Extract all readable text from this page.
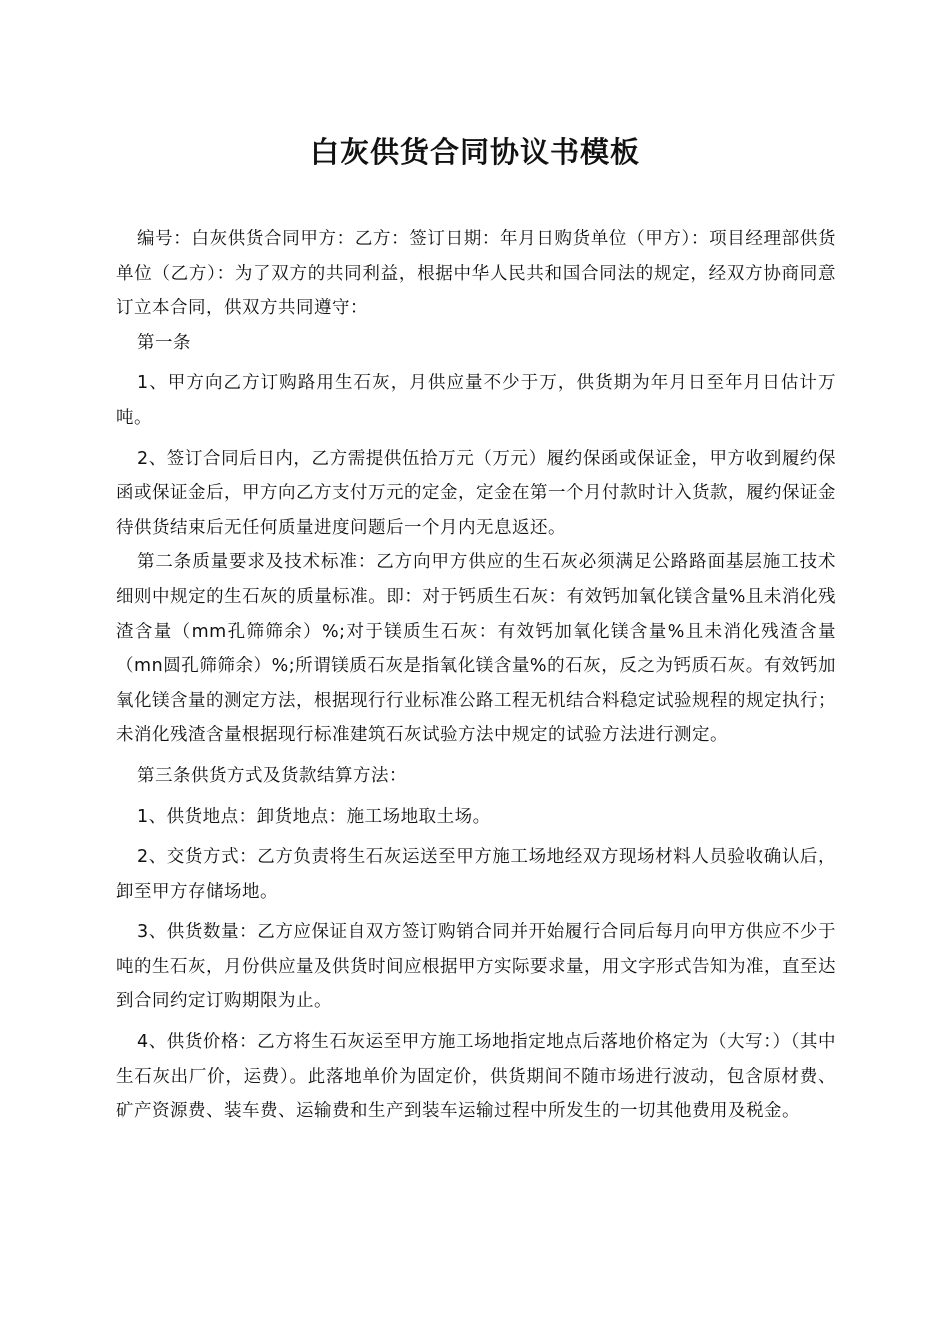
白灰供货合同协议书模板

编号：白灰供货合同甲方：乙方：签订日期：年月日购货单位（甲方）：项目经理部供货单位（乙方）：为了双方的共同利益，根据中华人民共和国合同法的规定，经双方协商同意订立本合同，供双方共同遵守：

第一条

1、甲方向乙方订购路用生石灰，月供应量不少于万，供货期为年月日至年月日估计万吨。

2、签订合同后日内，乙方需提供伍拾万元（万元）履约保函或保证金，甲方收到履约保函或保证金后，甲方向乙方支付万元的定金，定金在第一个月付款时计入货款，履约保证金待供货结束后无任何质量进度问题后一个月内无息返还。

第二条质量要求及技术标准：乙方向甲方供应的生石灰必须满足公路路面基层施工技术细则中规定的生石灰的质量标准。即：对于钙质生石灰：有效钙加氧化镁含量%且未消化残渣含量（mm孔筛筛余）%;对于镁质生石灰：有效钙加氧化镁含量%且未消化残渣含量（mn圆孔筛筛余）%;所谓镁质石灰是指氧化镁含量%的石灰，反之为钙质石灰。有效钙加氧化镁含量的测定方法，根据现行行业标准公路工程无机结合料稳定试验规程的规定执行；未消化残渣含量根据现行标准建筑石灰试验方法中规定的试验方法进行测定。

第三条供货方式及货款结算方法：

1、供货地点：卸货地点：施工场地取土场。

2、交货方式：乙方负责将生石灰运送至甲方施工场地经双方现场材料人员验收确认后，卸至甲方存储场地。

3、供货数量：乙方应保证自双方签订购销合同并开始履行合同后每月向甲方供应不少于吨的生石灰，月份供应量及供货时间应根据甲方实际要求量，用文字形式告知为准，直至达到合同约定订购期限为止。

4、供货价格：乙方将生石灰运至甲方施工场地指定地点后落地价格定为（大写：）（其中生石灰出厂价，运费）。此落地单价为固定价，供货期间不随市场进行波动，包含原材费、矿产资源费、装车费、运输费和生产到装车运输过程中所发生的一切其他费用及税金。
